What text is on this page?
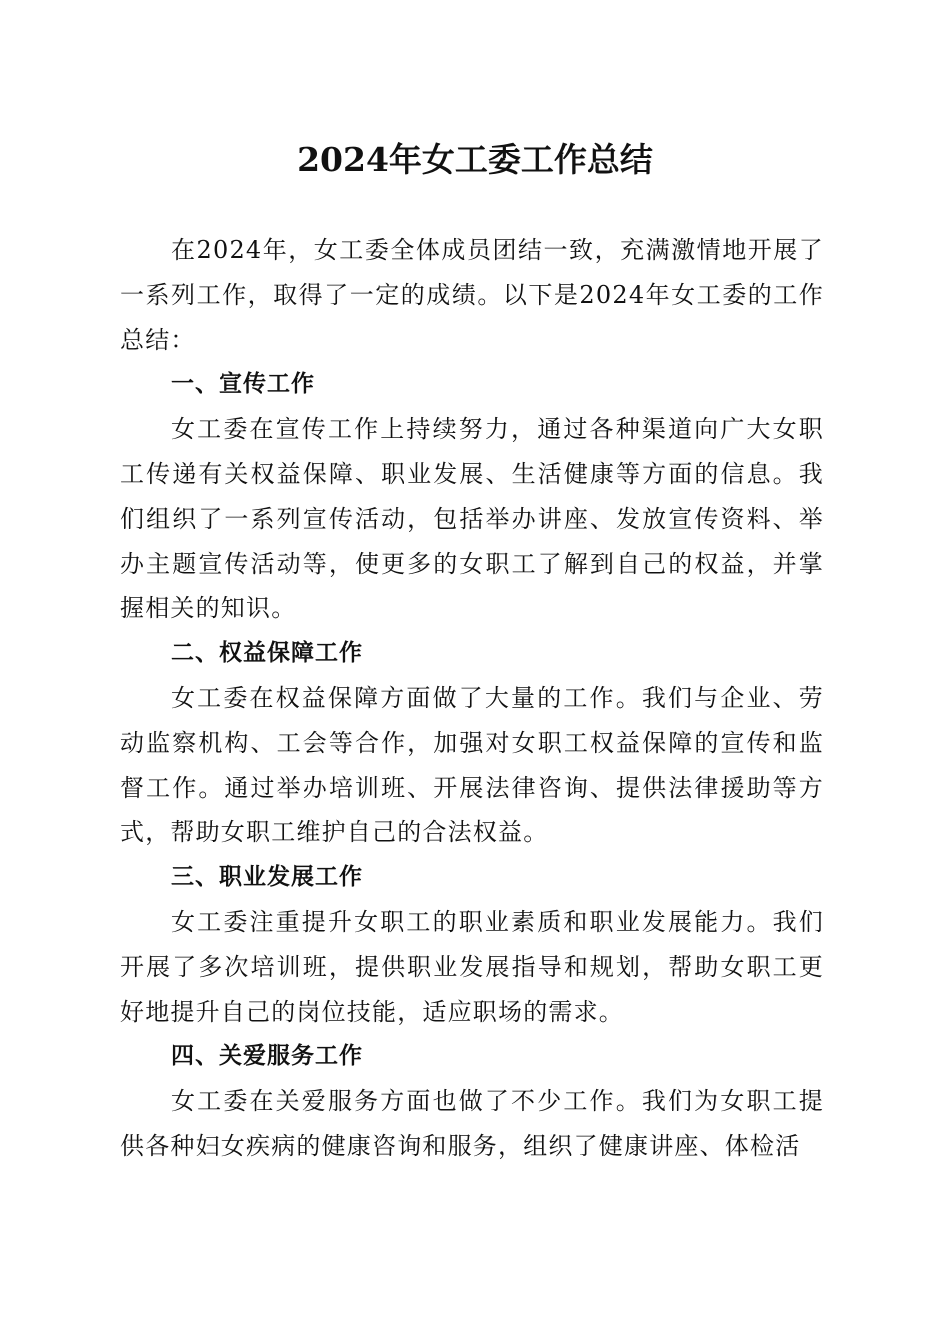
2024年女工委工作总结

在2024年，女工委全体成员团结一致，充满激情地开展了一系列工作，取得了一定的成绩。以下是2024年女工委的工作总结：

一、宣传工作

女工委在宣传工作上持续努力，通过各种渠道向广大女职工传递有关权益保障、职业发展、生活健康等方面的信息。我们组织了一系列宣传活动，包括举办讲座、发放宣传资料、举办主题宣传活动等，使更多的女职工了解到自己的权益，并掌握相关的知识。

二、权益保障工作

女工委在权益保障方面做了大量的工作。我们与企业、劳动监察机构、工会等合作，加强对女职工权益保障的宣传和监督工作。通过举办培训班、开展法律咨询、提供法律援助等方式，帮助女职工维护自己的合法权益。

三、职业发展工作

女工委注重提升女职工的职业素质和职业发展能力。我们开展了多次培训班，提供职业发展指导和规划，帮助女职工更好地提升自己的岗位技能，适应职场的需求。

四、关爱服务工作

女工委在关爱服务方面也做了不少工作。我们为女职工提供各种妇女疾病的健康咨询和服务，组织了健康讲座、体检活
